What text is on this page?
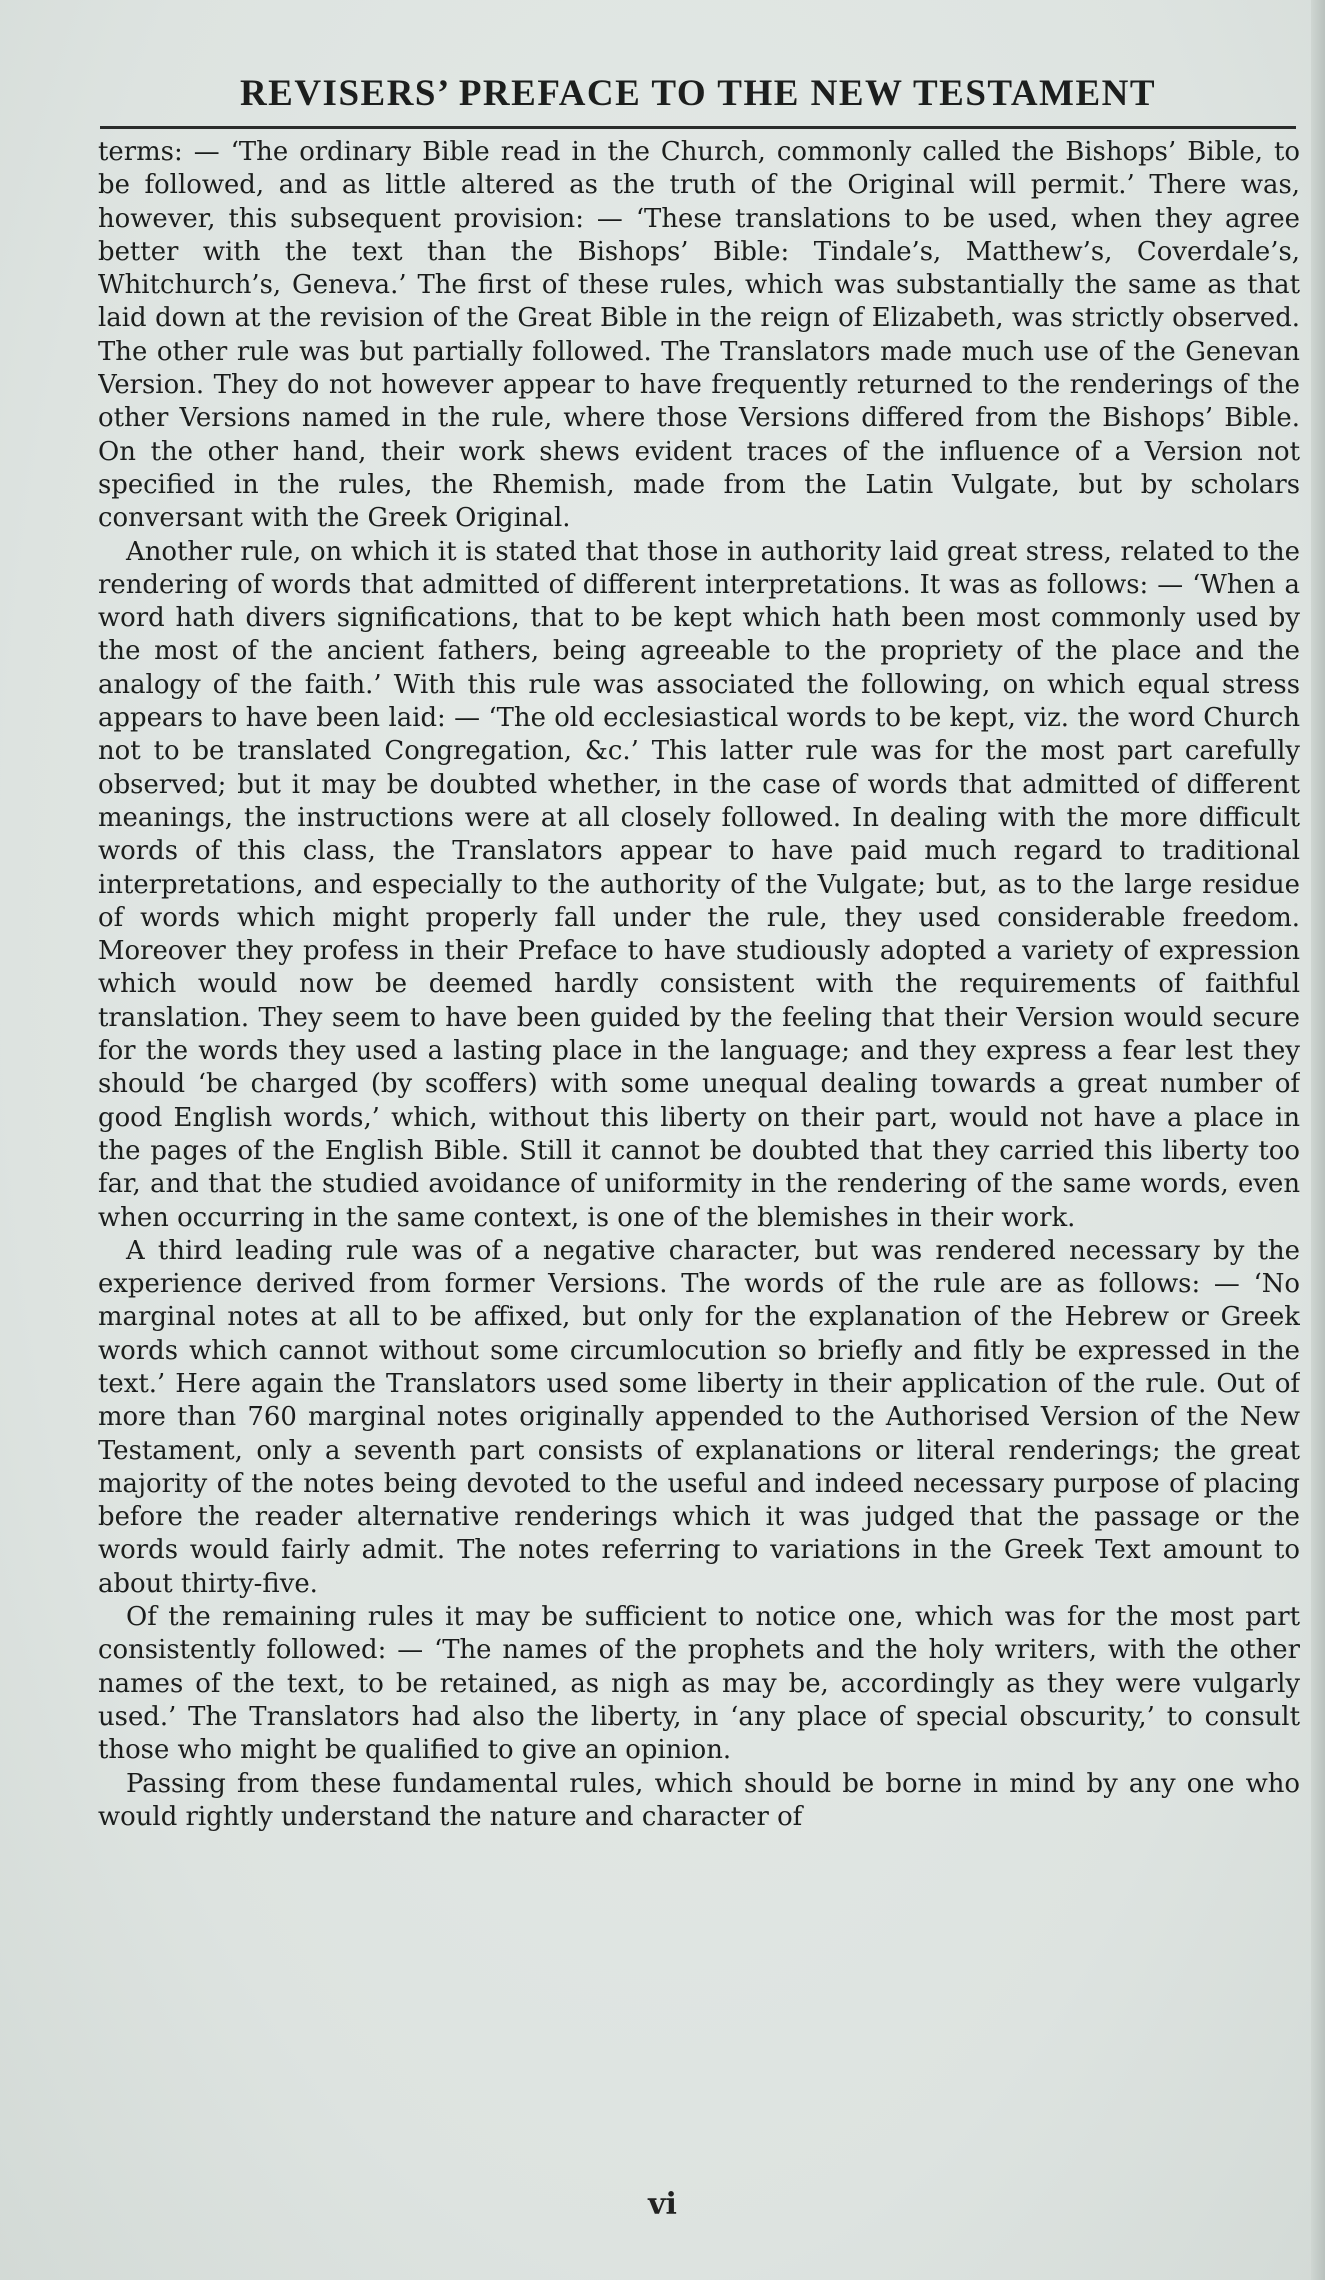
REVISERS’ PREFACE TO THE NEW TESTAMENT

terms: — ‘The ordinary Bible read in the Church, commonly called the Bishops’ Bible, to be followed, and as little altered as the truth of the Original will permit.’ There was, however, this subsequent provision: — ‘These translations to be used, when they agree better with the text than the Bishops’ Bible: Tindale’s, Matthew’s, Coverdale’s, Whitchurch’s, Geneva.’ The first of these rules, which was substantially the same as that laid down at the revision of the Great Bible in the reign of Elizabeth, was strictly observed. The other rule was but partially followed. The Translators made much use of the Genevan Version. They do not however appear to have frequently returned to the renderings of the other Versions named in the rule, where those Versions differed from the Bishops’ Bible. On the other hand, their work shews evident traces of the influence of a Version not specified in the rules, the Rhemish, made from the Latin Vulgate, but by scholars conversant with the Greek Original.

Another rule, on which it is stated that those in authority laid great stress, related to the rendering of words that admitted of different interpretations. It was as follows: — ‘When a word hath divers significations, that to be kept which hath been most commonly used by the most of the ancient fathers, being agreeable to the propriety of the place and the analogy of the faith.’ With this rule was associated the following, on which equal stress appears to have been laid: — ‘The old ecclesiastical words to be kept, viz. the word Church not to be translated Congregation, &c.’ This latter rule was for the most part carefully observed; but it may be doubted whether, in the case of words that admitted of different meanings, the instructions were at all closely followed. In dealing with the more difficult words of this class, the Translators appear to have paid much regard to traditional interpretations, and especially to the authority of the Vulgate; but, as to the large residue of words which might properly fall under the rule, they used considerable freedom. Moreover they profess in their Preface to have studiously adopted a variety of expression which would now be deemed hardly consistent with the requirements of faithful translation. They seem to have been guided by the feeling that their Version would secure for the words they used a lasting place in the language; and they express a fear lest they should ‘be charged (by scoffers) with some unequal dealing towards a great number of good English words,’ which, without this liberty on their part, would not have a place in the pages of the English Bible. Still it cannot be doubted that they carried this liberty too far, and that the studied avoidance of uniformity in the rendering of the same words, even when occurring in the same context, is one of the blemishes in their work.

A third leading rule was of a negative character, but was rendered necessary by the experience derived from former Versions. The words of the rule are as follows: — ‘No marginal notes at all to be affixed, but only for the explanation of the Hebrew or Greek words which cannot without some circumlocution so briefly and fitly be expressed in the text.’ Here again the Translators used some liberty in their application of the rule. Out of more than 760 marginal notes originally appended to the Authorised Version of the New Testament, only a seventh part consists of explanations or literal renderings; the great majority of the notes being devoted to the useful and indeed necessary purpose of placing before the reader alternative renderings which it was judged that the passage or the words would fairly admit. The notes referring to variations in the Greek Text amount to about thirty-five.

Of the remaining rules it may be sufficient to notice one, which was for the most part consistently followed: — ‘The names of the prophets and the holy writers, with the other names of the text, to be retained, as nigh as may be, accordingly as they were vulgarly used.’ The Translators had also the liberty, in ‘any place of special obscurity,’ to consult those who might be qualified to give an opinion.

Passing from these fundamental rules, which should be borne in mind by any one who would rightly understand the nature and character of

vi
